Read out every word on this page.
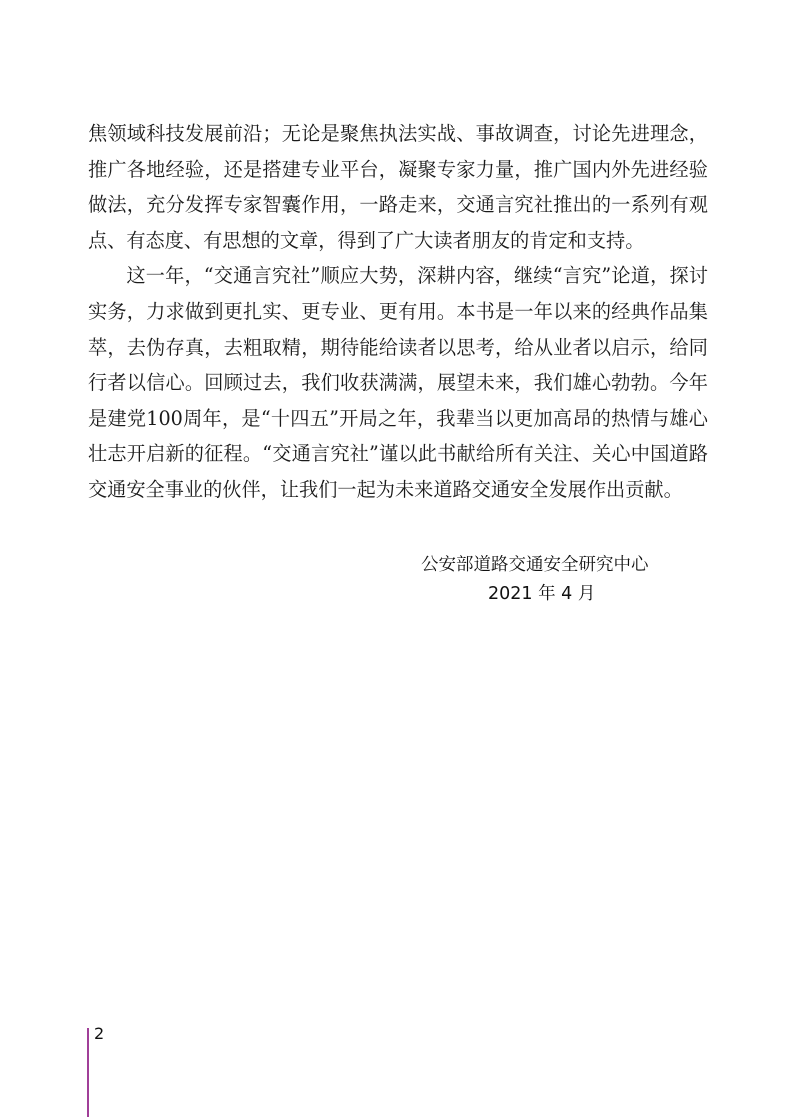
焦领域科技发展前沿；无论是聚焦执法实战、事故调查，讨论先进理念，推广各地经验，还是搭建专业平台，凝聚专家力量，推广国内外先进经验做法，充分发挥专家智囊作用，一路走来，交通言究社推出的一系列有观点、有态度、有思想的文章，得到了广大读者朋友的肯定和支持。

这一年，“交通言究社”顺应大势，深耕内容，继续“言究”论道，探讨实务，力求做到更扎实、更专业、更有用。本书是一年以来的经典作品集萃，去伪存真，去粗取精，期待能给读者以思考，给从业者以启示，给同行者以信心。回顾过去，我们收获满满，展望未来，我们雄心勃勃。今年是建党100周年，是“十四五”开局之年，我辈当以更加高昂的热情与雄心壮志开启新的征程。“交通言究社”谨以此书献给所有关注、关心中国道路交通安全事业的伙伴，让我们一起为未来道路交通安全发展作出贡献。

公安部道路交通安全研究中心
2021 年 4 月
2
